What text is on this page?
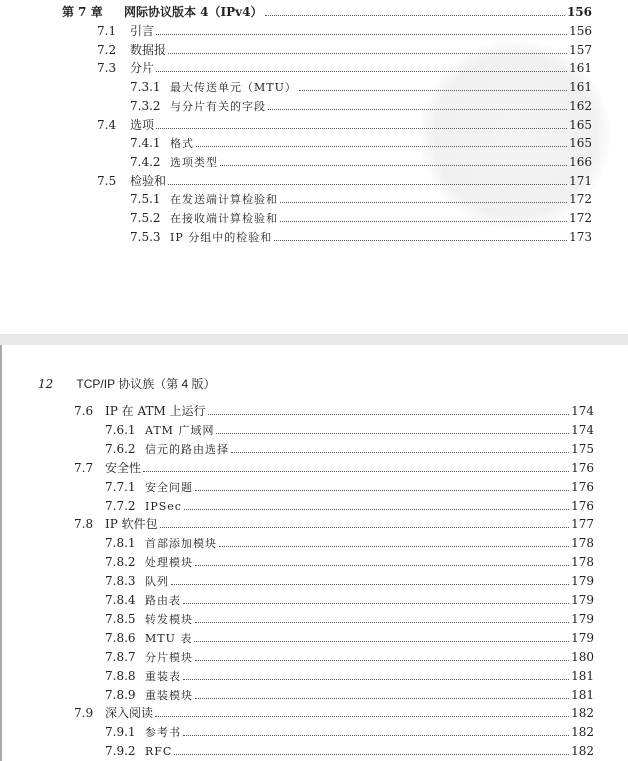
第 7 章 网际协议版本 4（IPv4）	156
7.1	引言	156
7.2	数据报	157
7.3	分片	161
7.3.1 最大传送单元（MTU）	161
7.3.2 与分片有关的字段	162
7.4	选项	165
7.4.1 格式	165
7.4.2 选项类型	166
7.5	检验和	171
7.5.1 在发送端计算检验和	172
7.5.2 在接收端计算检验和	172
7.5.3 IP 分组中的检验和	173
12 TCP/IP 协议族（第 4 版）
7.6 IP 在 ATM 上运行	174
7.6.1 ATM 广域网	174
7.6.2 信元的路由选择	175
7.7 安全性	176
7.7.1 安全问题	176
7.7.2 IPSec	176
7.8 IP 软件包	177
7.8.1 首部添加模块	178
7.8.2 处理模块	178
7.8.3 队列	179
7.8.4 路由表	179
7.8.5 转发模块	179
7.8.6 MTU 表	179
7.8.7 分片模块	180
7.8.8 重装表	181
7.8.9 重装模块	181
7.9 深入阅读	182
7.9.1 参考书	182
7.9.2 RFC	182
